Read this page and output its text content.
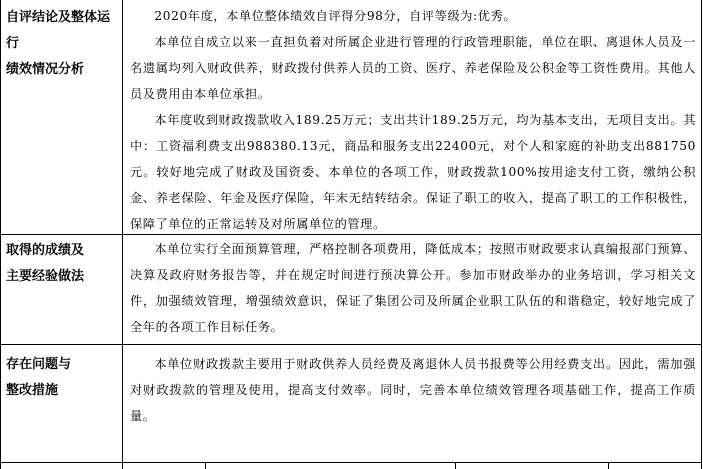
自评结论及整体运行
绩效情况分析

2020年度，本单位整体绩效自评得分98分，自评等级为:优秀。

本单位自成立以来一直担负着对所属企业进行管理的行政管理职能，单位在职、离退休人员及一名遗属均列入财政供养，财政拨付供养人员的工资、医疗、养老保险及公积金等工资性费用。其他人员及费用由本单位承担。

本年度收到财政拨款收入189.25万元；支出共计189.25万元，均为基本支出，无项目支出。其中：工资福利费支出988380.13元，商品和服务支出22400元，对个人和家庭的补助支出881750元。较好地完成了财政及国资委、本单位的各项工作，财政拨款100%按用途支付工资，缴纳公积金、养老保险、年金及医疗保险，年末无结转结余。保证了职工的收入，提高了职工的工作积极性，保障了单位的正常运转及对所属单位的管理。

取得的成绩及
主要经验做法

本单位实行全面预算管理，严格控制各项费用，降低成本；按照市财政要求认真编报部门预算、决算及政府财务报告等，并在规定时间进行预决算公开。参加市财政举办的业务培训，学习相关文件，加强绩效管理，增强绩效意识，保证了集团公司及所属企业职工队伍的和谐稳定，较好地完成了全年的各项工作目标任务。

存在问题与
整改措施

本单位财政拨款主要用于财政供养人员经费及离退休人员书报费等公用经费支出。因此，需加强对财政拨款的管理及使用，提高支付效率。同时，完善本单位绩效管理各项基础工作，提高工作质量。
